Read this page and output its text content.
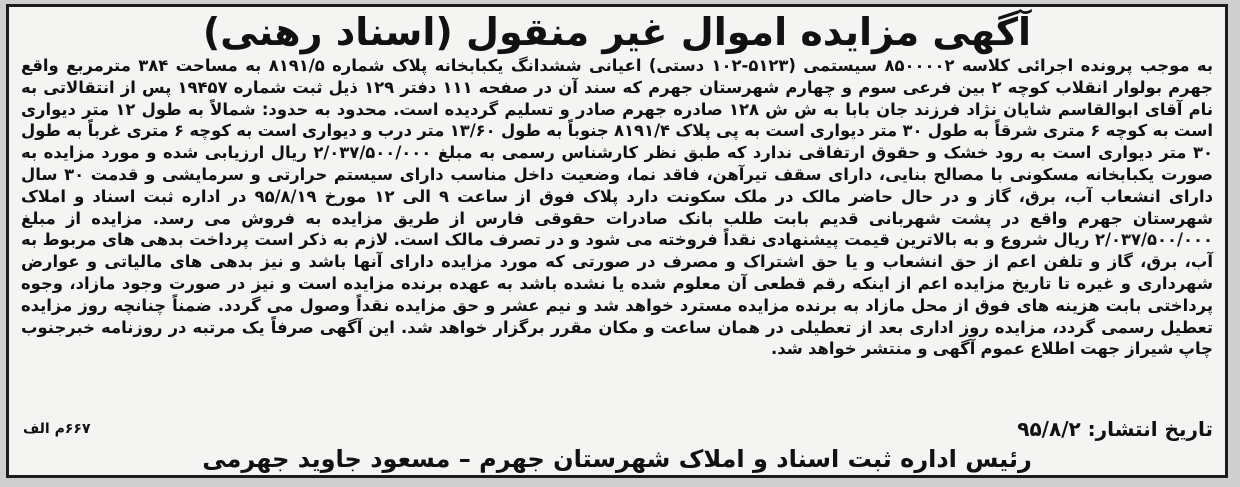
آگهی مزایده اموال غیر منقول (اسناد رهنی)
به موجب پرونده اجرائی کلاسه ۸۵۰۰۰۰۲ سیستمی (۵۱۲۳-۱۰۲ دستی) اعیانی ششدانگ یکبابخانه پلاک شماره ۸۱۹۱/۵ به مساحت ۳۸۴ مترمربع واقع جهرم بولوار انقلاب کوچه ۲ بین فرعی سوم و چهارم شهرستان جهرم که سند آن در صفحه ۱۱۱ دفتر ۱۲۹ ذیل ثبت شماره ۱۹۴۵۷ پس از انتقالاتی به نام آقای ابوالقاسم شایان نژاد فرزند جان بابا به ش ش ۱۲۸ صادره جهرم صادر و تسلیم گردیده است. محدود به حدود: شمالاً به طول ۱۲ متر دیواری است به کوچه ۶ متری شرقاً به طول ۳۰ متر دیواری است به پی پلاک ۸۱۹۱/۴ جنوباً به طول ۱۳/۶۰ متر درب و دیواری است به کوچه ۶ متری غرباً به طول ۳۰ متر دیواری است به رود خشک و حقوق ارتفاقی ندارد که طبق نظر کارشناس رسمی به مبلغ ۲/۰۳۷/۵۰۰/۰۰۰ ریال ارزیابی شده و مورد مزایده به صورت یکبابخانه مسکونی با مصالح بنایی، دارای سقف تیرآهن، فاقد نما، وضعیت داخل مناسب دارای سیستم حرارتی و سرمایشی و قدمت ۳۰ سال دارای انشعاب آب، برق، گاز و در حال حاضر مالک در ملک سکونت دارد پلاک فوق از ساعت ۹ الی ۱۲ مورخ ۹۵/۸/۱۹ در اداره ثبت اسناد و املاک شهرستان جهرم واقع در پشت شهربانی قدیم بابت طلب بانک صادرات حقوقی فارس از طریق مزایده به فروش می رسد. مزایده از مبلغ ۲/۰۳۷/۵۰۰/۰۰۰ ریال شروع و به بالاترین قیمت پیشنهادی نقداً فروخته می شود و در تصرف مالک است. لازم به ذکر است پرداخت بدهی های مربوط به آب، برق، گاز و تلفن اعم از حق انشعاب و یا حق اشتراک و مصرف در صورتی که مورد مزایده دارای آنها باشد و نیز بدهی های مالیاتی و عوارض شهرداری و غیره تا تاریخ مزایده اعم از اینکه رقم قطعی آن معلوم شده یا نشده باشد به عهده برنده مزایده است و نیز در صورت وجود مازاد، وجوه پرداختی بابت هزینه های فوق از محل مازاد به برنده مزایده مسترد خواهد شد و نیم عشر و حق مزایده نقداً وصول می گردد. ضمناً چنانچه روز مزایده تعطیل رسمی گردد، مزایده روز اداری بعد از تعطیلی در همان ساعت و مکان مقرر برگزار خواهد شد. این آگهی صرفاً یک مرتبه در روزنامه خبرجنوب چاپ شیراز جهت اطلاع عموم آگهی و منتشر خواهد شد.
تاریخ انتشار: ۹۵/۸/۲
۶۶۷م الف
رئیس اداره ثبت اسناد و املاک شهرستان جهرم – مسعود جاوید جهرمی
